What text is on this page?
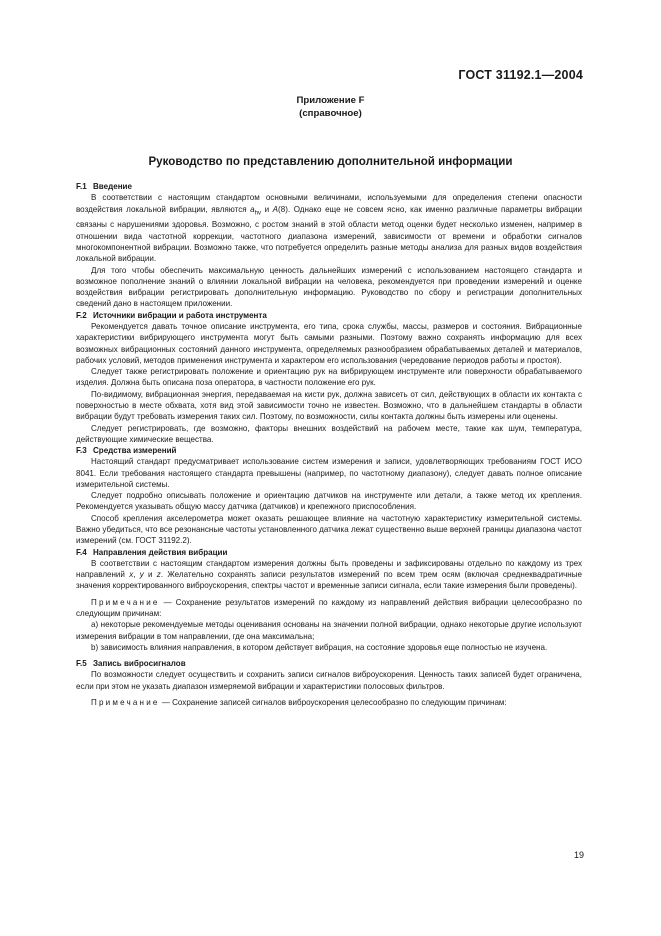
ГОСТ 31192.1—2004
Приложение F
(справочное)
Руководство по представлению дополнительной информации
F.1 Введение

В соответствии с настоящим стандартом основными величинами, используемыми для определения степени опасности воздействия локальной вибрации, являются $a_{hv}$ и A(8). Однако еще не совсем ясно, как именно различные параметры вибрации связаны с нарушениями здоровья. Возможно, с ростом знаний в этой области метод оценки будет несколько изменен, например в отношении вида частотной коррекции, частотного диапазона измерений, зависимости от времени и обработки сигналов многокомпонентной вибрации. Возможно также, что потребуется определить разные методы анализа для разных видов воздействия локальной вибрации.

Для того чтобы обеспечить максимальную ценность дальнейших измерений с использованием настоящего стандарта и возможное пополнение знаний о влиянии локальной вибрации на человека, рекомендуется при проведении измерений и оценке воздействия вибрации регистрировать дополнительную информацию. Руководство по сбору и регистрации дополнительных сведений дано в настоящем приложении.

F.2 Источники вибрации и работа инструмента

Рекомендуется давать точное описание инструмента, его типа, срока службы, массы, размеров и состояния. Вибрационные характеристики вибрирующего инструмента могут быть самыми разными. Поэтому важно сохранять информацию для всех возможных вибрационных состояний данного инструмента, определяемых разнообразием обрабатываемых деталей и материалов, рабочих условий, методов применения инструмента и характером его использования (чередование периодов работы и простоя).

Следует также регистрировать положение и ориентацию рук на вибрирующем инструменте или поверхности обрабатываемого изделия. Должна быть описана поза оператора, в частности положение его рук.

По-видимому, вибрационная энергия, передаваемая на кисти рук, должна зависеть от сил, действующих в области их контакта с поверхностью в месте обхвата, хотя вид этой зависимости точно не известен. Возможно, что в дальнейшем стандарты в области вибрации будут требовать измерения таких сил. Поэтому, по возможности, силы контакта должны быть измерены или оценены.

Следует регистрировать, где возможно, факторы внешних воздействий на рабочем месте, такие как шум, температура, действующие химические вещества.

F.3 Средства измерений

Настоящий стандарт предусматривает использование систем измерения и записи, удовлетворяющих требованиям ГОСТ ИСО 8041. Если требования настоящего стандарта превышены (например, по частотному диапазону), следует давать полное описание измерительной системы.

Следует подробно описывать положение и ориентацию датчиков на инструменте или детали, а также метод их крепления. Рекомендуется указывать общую массу датчика (датчиков) и крепежного приспособления.

Способ крепления акселерометра может оказать решающее влияние на частотную характеристику измерительной системы. Важно убедиться, что все резонансные частоты установленного датчика лежат существенно выше верхней границы диапазона частот измерений (см. ГОСТ 31192.2).

F.4 Направления действия вибрации

В соответствии с настоящим стандартом измерения должны быть проведены и зафиксированы отдельно по каждому из трех направлений x, y и z. Желательно сохранять записи результатов измерений по всем трем осям (включая среднеквадратичные значения корректированного виброускорения, спектры частот и временные записи сигнала, если такие измерения были проведены).

Примечание — Сохранение результатов измерений по каждому из направлений действия вибрации целесообразно по следующим причинам:

a) некоторые рекомендуемые методы оценивания основаны на значении полной вибрации, однако некоторые другие используют измерения вибрации в том направлении, где она максимальна;

b) зависимость влияния направления, в котором действует вибрация, на состояние здоровья еще полностью не изучена.

F.5 Запись виброcигналов

По возможности следует осуществить и сохранить записи сигналов виброускорения. Ценность таких записей будет ограничена, если при этом не указать диапазон измеряемой вибрации и характеристики полосовых фильтров.

Примечание — Сохранение записей сигналов виброускорения целесообразно по следующим причинам:

19
